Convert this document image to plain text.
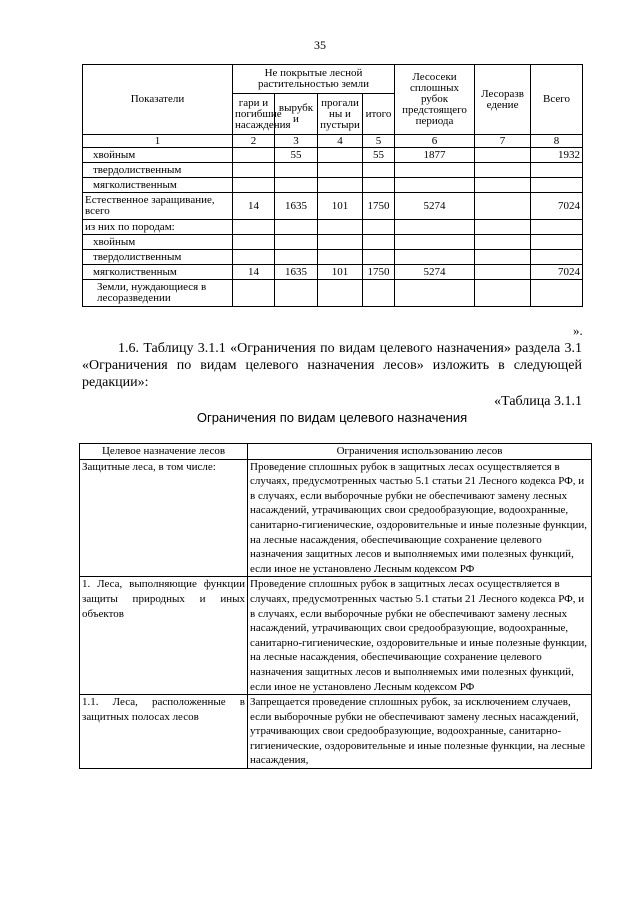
35
Показатели	Не покрытые лесной растительностью земли				Лесосеки сплошных рубок предстоящего периода	Лесоразв едение	Всего
	гари и погибшие насаждения	вырубк и	прогали ны и пустыри	итого			
1	2	3	4	5	6	7	8
хвойным		55		55	1877		1932
твердолиственным							
мягколиственным							
Естественное заращивание, всего	14	1635	101	1750	5274		7024
из них по породам:							
хвойным							
твердолиственным							
мягколиственным	14	1635	101	1750	5274		7024
Земли, нуждающиеся в лесоразведении							
».
1.6. Таблицу 3.1.1 «Ограничения по видам целевого назначения» раздела 3.1 «Ограничения по видам целевого назначения лесов» изложить в следующей редакции»:
«Таблица 3.1.1
Ограничения по видам целевого назначения
Целевое назначение лесов	Ограничения использованию лесов
Защитные леса, в том числе:	Проведение сплошных рубок в защитных лесах осуществляется в случаях, предусмотренных частью 5.1 статьи 21 Лесного кодекса РФ, и в случаях, если выборочные рубки не обеспечивают замену лесных насаждений, утрачивающих свои средообразующие, водоохранные, санитарно-гигиенические, оздоровительные и иные полезные функции, на лесные насаждения, обеспечивающие сохранение целевого назначения защитных лесов и выполняемых ими полезных функций, если иное не установлено Лесным кодексом РФ
1. Леса, выполняющие функции защиты природных и иных объектов	Проведение сплошных рубок в защитных лесах осуществляется в случаях, предусмотренных частью 5.1 статьи 21 Лесного кодекса РФ, и в случаях, если выборочные рубки не обеспечивают замену лесных насаждений, утрачивающих свои средообразующие, водоохранные, санитарно-гигиенические, оздоровительные и иные полезные функции, на лесные насаждения, обеспечивающие сохранение целевого назначения защитных лесов и выполняемых ими полезных функций, если иное не установлено Лесным кодексом РФ
1.1. Леса, расположенные в защитных полосах лесов	Запрещается проведение сплошных рубок, за исключением случаев, если выборочные рубки не обеспечивают замену лесных насаждений, утрачивающих свои средообразующие, водоохранные, санитарно-гигиенические, оздоровительные и иные полезные функции, на лесные насаждения,
